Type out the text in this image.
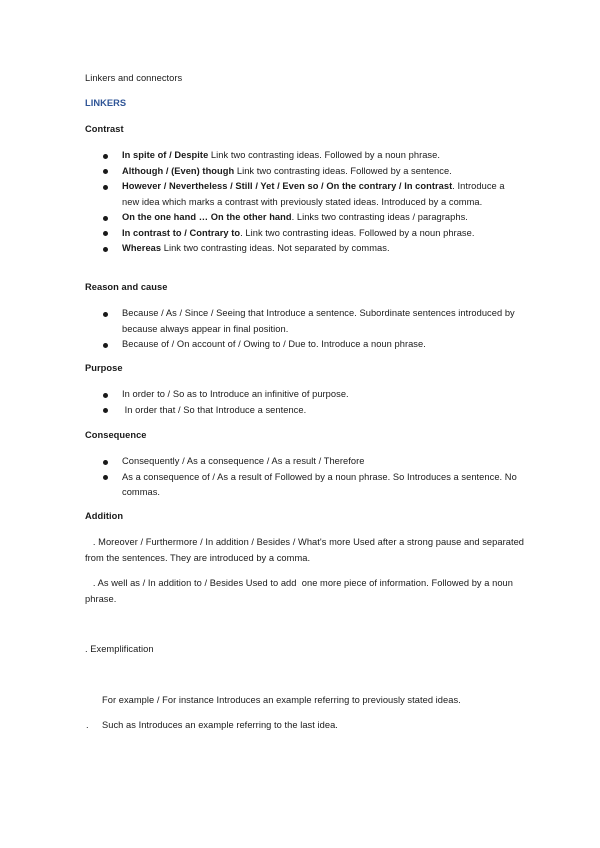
Linkers and connectors
LINKERS
Contrast
In spite of / Despite Link two contrasting ideas. Followed by a noun phrase.
Although / (Even) though Link two contrasting ideas. Followed by a sentence.
However / Nevertheless / Still / Yet / Even so / On the contrary / In contrast. Introduce a new idea which marks a contrast with previously stated ideas. Introduced by a comma.
On the one hand … On the other hand. Links two contrasting ideas / paragraphs.
In contrast to / Contrary to. Link two contrasting ideas. Followed by a noun phrase.
Whereas Link two contrasting ideas. Not separated by commas.
Reason and cause
Because / As / Since / Seeing that Introduce a sentence. Subordinate sentences introduced by because always appear in final position.
Because of / On account of / Owing to / Due to. Introduce a noun phrase.
Purpose
In order to / So as to Introduce an infinitive of purpose.
In order that / So that Introduce a sentence.
Consequence
Consequently / As a consequence / As a result / Therefore
As a consequence of / As a result of Followed by a noun phrase. So Introduces a sentence. No commas.
Addition
. Moreover / Furthermore / In addition / Besides / What's more Used after a strong pause and separated from the sentences. They are introduced by a comma.
. As well as / In addition to / Besides Used to add  one more piece of information. Followed by a noun phrase.
. Exemplification
For example / For instance Introduces an example referring to previously stated ideas.
. Such as Introduces an example referring to the last idea.
